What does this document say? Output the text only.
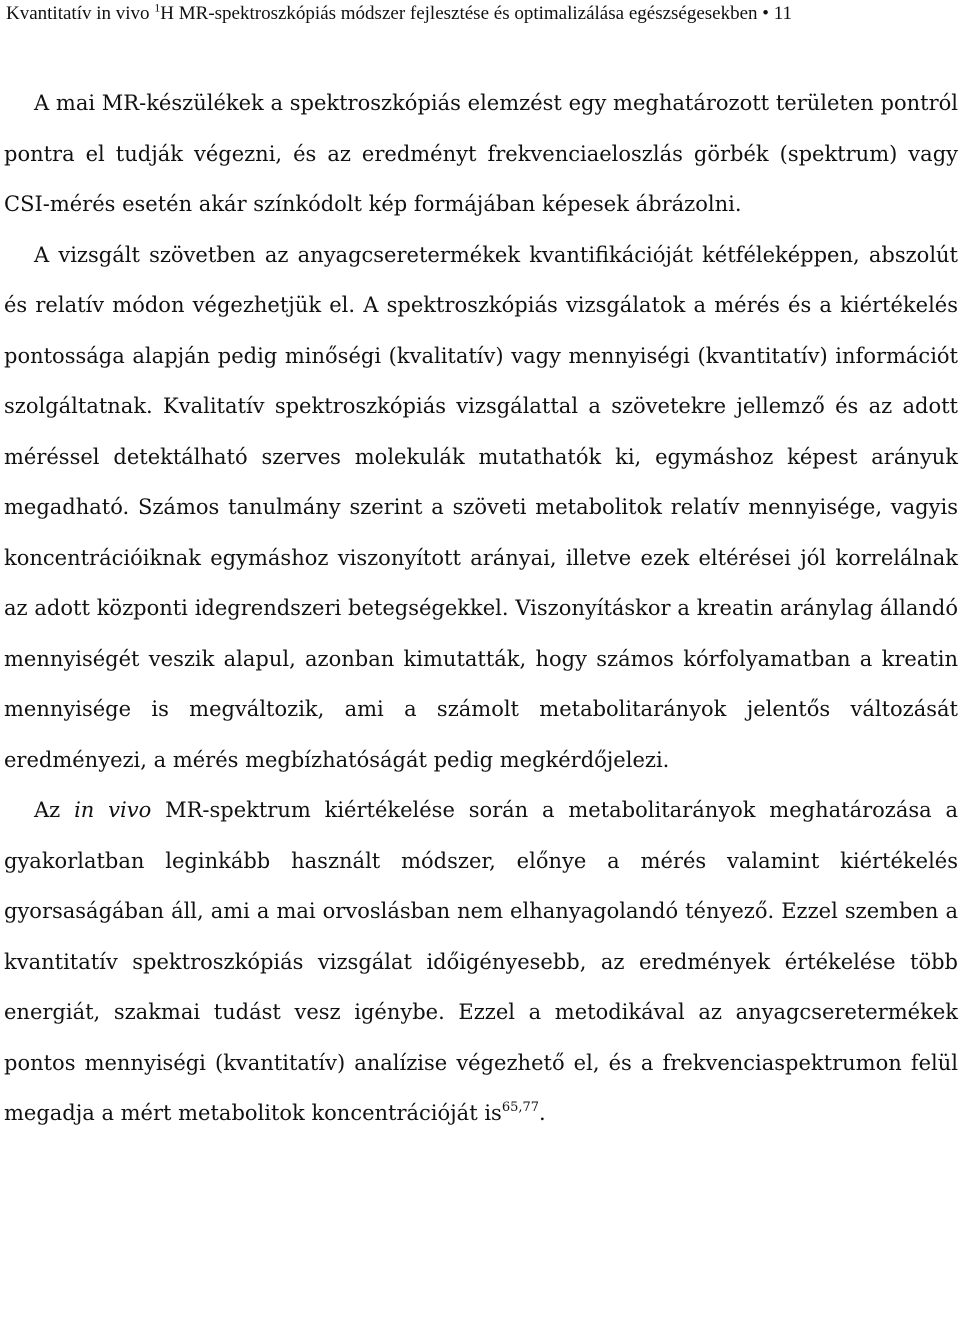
Kvantitatív in vivo $^1$H MR-spektroszkópiás módszer fejlesztése és optimalizálása egészségesekben • 11

A mai MR-készülékek a spektroszkópiás elemzést egy meghatározott területen pontról pontra el tudják végezni, és az eredményt frekvenciaeloszlás görbék (spektrum) vagy CSI-mérés esetén akár színkódolt kép formájában képesek ábrázolni.

A vizsgált szövetben az anyagcseretermékek kvantifikációját kétféleképpen, abszolút és relatív módon végezhetjük el. A spektroszkópiás vizsgálatok a mérés és a kiértékelés pontossága alapján pedig minőségi (kvalitatív) vagy mennyiségi (kvantitatív) információt szolgáltatnak. Kvalitatív spektroszkópiás vizsgálattal a szövetekre jellemző és az adott méréssel detektálható szerves molekulák mutathatók ki, egymáshoz képest arányuk megadható. Számos tanulmány szerint a szöveti metabolitok relatív mennyisége, vagyis koncentrációiknak egymáshoz viszonyított arányai, illetve ezek eltérései jól korrelálnak az adott központi idegrendszeri betegségekkel. Viszonyításkor a kreatin aránylag állandó mennyiségét veszik alapul, azonban kimutatták, hogy számos kórfolyamatban a kreatin mennyisége is megváltozik, ami a számolt metabolitarányok jelentős változását eredményezi, a mérés megbízhatóságát pedig megkérdőjelezi.

Az in vivo MR-spektrum kiértékelése során a metabolitarányok meghatározása a gyakorlatban leginkább használt módszer, előnye a mérés valamint kiértékelés gyorsaságában áll, ami a mai orvoslásban nem elhanyagolandó tényező. Ezzel szemben a kvantitatív spektroszkópiás vizsgálat időigényesebb, az eredmények értékelése több energiát, szakmai tudást vesz igénybe. Ezzel a metodikával az anyagcseretermékek pontos mennyiségi (kvantitatív) analízise végezhető el, és a frekvenciaspektrumon felül megadja a mért metabolitok koncentrációját is$^{65,77}$.
